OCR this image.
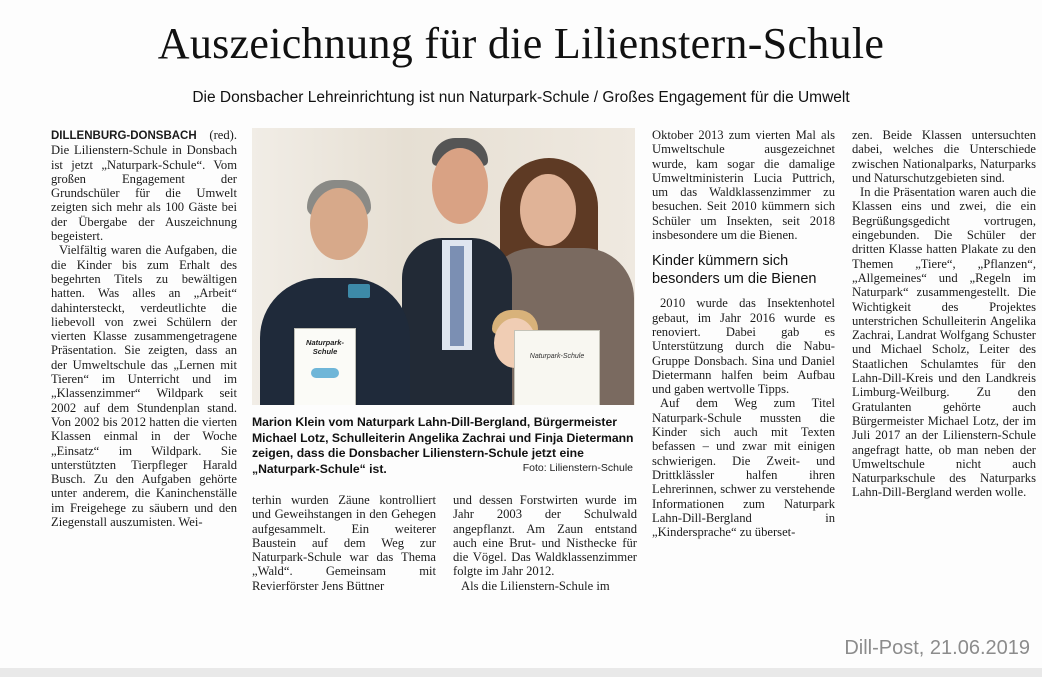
Auszeichnung für die Lilienstern-Schule
Die Donsbacher Lehreinrichtung ist nun Naturpark-Schule / Großes Engagement für die Umwelt

DILLENBURG-DONSBACH (red). Die Lilienstern-Schule in Donsbach ist jetzt „Naturpark-Schule“. Vom großen Engagement der Grundschüler für die Umwelt zeigten sich mehr als 100 Gäste bei der Übergabe der Auszeichnung begeistert.

Vielfältig waren die Aufgaben, die die Kinder bis zum Erhalt des begehrten Titels zu bewältigen hatten. Was alles an „Arbeit“ dahintersteckt, verdeutlichte die liebevoll von zwei Schülern der vierten Klasse zusammengetragene Präsentation. Sie zeigten, dass an der Umweltschule das „Lernen mit Tieren“ im Unterricht und im „Klassenzimmer“ Wildpark seit 2002 auf dem Stundenplan stand. Von 2002 bis 2012 hatten die vierten Klassen einmal in der Woche „Einsatz“ im Wildpark. Sie unterstützten Tierpfleger Harald Busch. Zu den Aufgaben gehörte unter anderem, die Kaninchenställe im Freigehege zu säubern und den Ziegenstall auszumisten. Wei-

Naturpark-Schule
Naturpark-Schule
Marion Klein vom Naturpark Lahn-Dill-Bergland, Bürgermeister Michael Lotz, Schulleiterin Angelika Zachrai und Finja Dietermann zeigen, dass die Donsbacher Lilienstern-Schule jetzt eine „Naturpark-Schule“ ist.	Foto: Lilienstern-Schule

terhin wurden Zäune kontrolliert und Geweihstangen in den Gehegen aufgesammelt. Ein weiterer Baustein auf dem Weg zur Naturpark-Schule war das Thema „Wald“. Gemeinsam mit Revierförster Jens Büttner

und dessen Forstwirten wurde im Jahr 2003 der Schulwald angepflanzt. Am Zaun entstand auch eine Brut- und Nisthecke für die Vögel. Das Waldklassenzimmer folgte im Jahr 2012.

Als die Lilienstern-Schule im

Oktober 2013 zum vierten Mal als Umweltschule ausgezeichnet wurde, kam sogar die damalige Umweltministerin Lucia Puttrich, um das Waldklassenzimmer zu besuchen. Seit 2010 kümmern sich Schüler um Insekten, seit 2018 insbesondere um die Bienen.

Kinder kümmern sich besonders um die Bienen

2010 wurde das Insektenhotel gebaut, im Jahr 2016 wurde es renoviert. Dabei gab es Unterstützung durch die Nabu-Gruppe Donsbach. Sina und Daniel Dietermann halfen beim Aufbau und gaben wertvolle Tipps.

Auf dem Weg zum Titel Naturpark-Schule mussten die Kinder sich auch mit Texten befassen – und zwar mit einigen schwierigen. Die Zweit- und Drittklässler halfen ihren Lehrerinnen, schwer zu verstehende Informationen zum Naturpark Lahn-Dill-Bergland in „Kindersprache“ zu überset-

zen. Beide Klassen untersuchten dabei, welches die Unterschiede zwischen Nationalparks, Naturparks und Naturschutzgebieten sind.

In die Präsentation waren auch die Klassen eins und zwei, die ein Begrüßungsgedicht vortrugen, eingebunden. Die Schüler der dritten Klasse hatten Plakate zu den Themen „Tiere“, „Pflanzen“, „Allgemeines“ und „Regeln im Naturpark“ zusammengestellt. Die Wichtigkeit des Projektes unterstrichen Schulleiterin Angelika Zachrai, Landrat Wolfgang Schuster und Michael Scholz, Leiter des Staatlichen Schulamtes für den Lahn-Dill-Kreis und den Landkreis Limburg-Weilburg. Zu den Gratulanten gehörte auch Bürgermeister Michael Lotz, der im Juli 2017 an der Lilienstern-Schule angefragt hatte, ob man neben der Umweltschule nicht auch Naturparkschule des Naturparks Lahn-Dill-Bergland werden wolle.

Dill-Post, 21.06.2019
